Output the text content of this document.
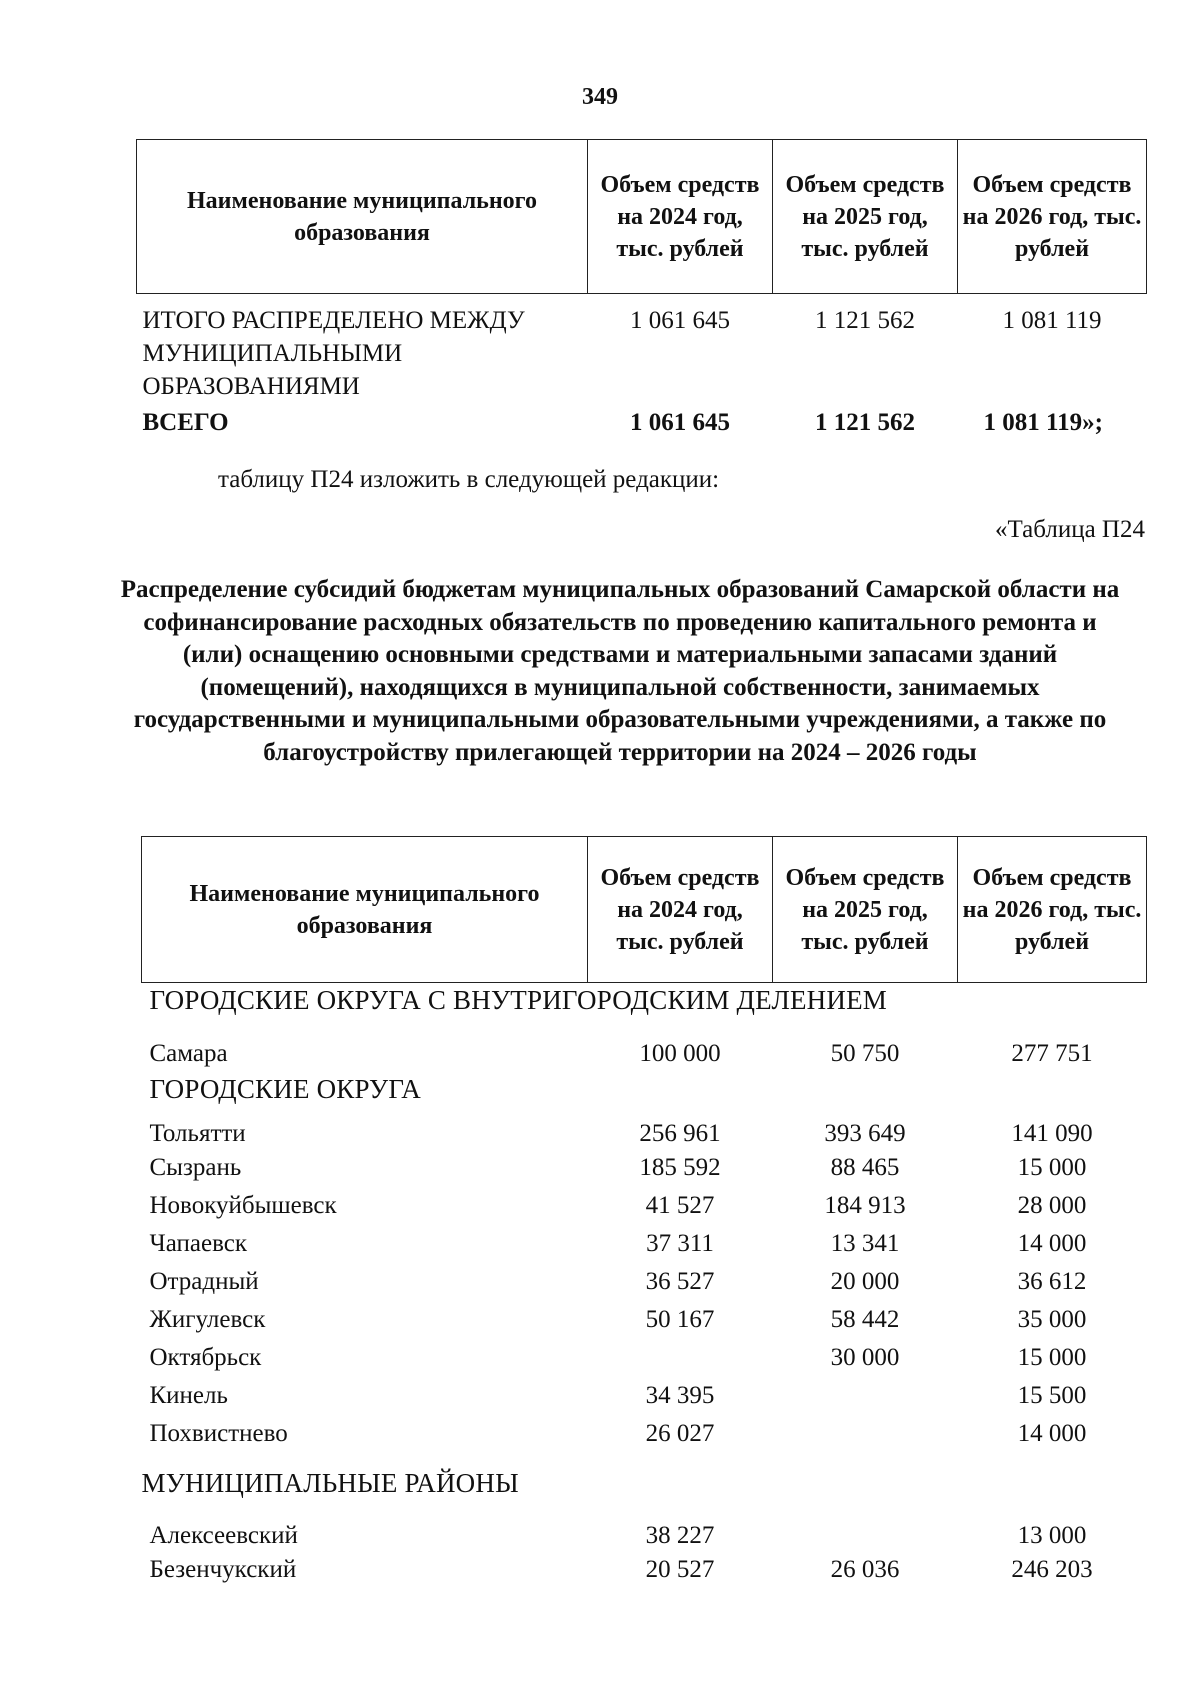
349
Наименование муниципального образования	Объем средств на 2024 год, тыс. рублей	Объем средств на 2025 год, тыс. рублей	Объем средств на 2026 год, тыс. рублей
ИТОГО РАСПРЕДЕЛЕНО МЕЖДУ МУНИЦИПАЛЬНЫМИ ОБРАЗОВАНИЯМИ	1 061 645	1 121 562	1 081 119
ВСЕГО	1 061 645	1 121 562	1 081 119»;
таблицу П24 изложить в следующей редакции:
«Таблица П24
Распределение субсидий бюджетам муниципальных образований Самарской области на софинансирование расходных обязательств по проведению капитального ремонта и (или) оснащению основными средствами и материальными запасами зданий (помещений), находящихся в муниципальной собственности, занимаемых государственными и муниципальными образовательными учреждениями, а также по благоустройству прилегающей территории на 2024 – 2026 годы
Наименование муниципального образования	Объем средств на 2024 год, тыс. рублей	Объем средств на 2025 год, тыс. рублей	Объем средств на 2026 год, тыс. рублей
ГОРОДСКИЕ ОКРУГА С ВНУТРИГОРОДСКИМ ДЕЛЕНИЕМ			

Самара	100 000	50 750	277 751
ГОРОДСКИЕ ОКРУГА			
Тольятти	256 961	393 649	141 090
Сызрань	185 592	88 465	15 000
Новокуйбышевск	41 527	184 913	28 000
Чапаевск	37 311	13 341	14 000
Отрадный	36 527	20 000	36 612
Жигулевск	50 167	58 442	35 000
Октябрьск		30 000	15 000
Кинель	34 395		15 500
Похвистнево	26 027		14 000
МУНИЦИПАЛЬНЫЕ РАЙОНЫ			

Алексеевский	38 227		13 000
Безенчукский	20 527	26 036	246 203
